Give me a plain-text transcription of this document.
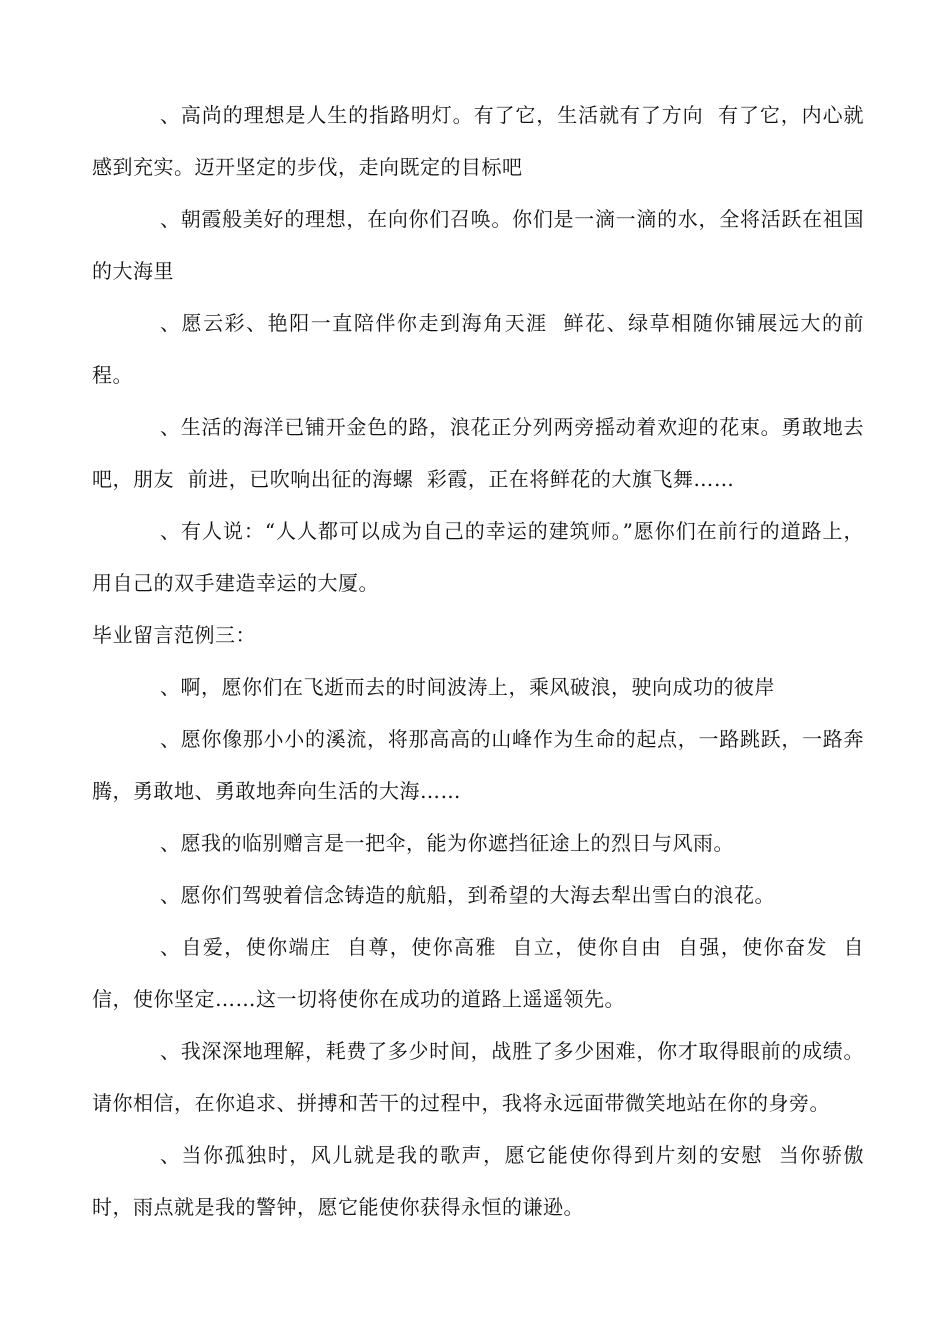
、高尚的理想是人生的指路明灯。有了它，生活就有了方向  有了它，内心就感到充实。迈开坚定的步伐，走向既定的目标吧

、朝霞般美好的理想，在向你们召唤。你们是一滴一滴的水，全将活跃在祖国的大海里

、愿云彩、艳阳一直陪伴你走到海角天涯  鲜花、绿草相随你铺展远大的前程。

、生活的海洋已铺开金色的路，浪花正分列两旁摇动着欢迎的花束。勇敢地去吧，朋友  前进，已吹响出征的海螺  彩霞，正在将鲜花的大旗飞舞……

、有人说：“人人都可以成为自己的幸运的建筑师。”愿你们在前行的道路上，用自己的双手建造幸运的大厦。

毕业留言范例三：

、啊，愿你们在飞逝而去的时间波涛上，乘风破浪，驶向成功的彼岸

、愿你像那小小的溪流，将那高高的山峰作为生命的起点，一路跳跃，一路奔腾，勇敢地、勇敢地奔向生活的大海……

、愿我的临别赠言是一把伞，能为你遮挡征途上的烈日与风雨。

、愿你们驾驶着信念铸造的航船，到希望的大海去犁出雪白的浪花。

、自爱，使你端庄  自尊，使你高雅  自立，使你自由  自强，使你奋发  自信，使你坚定……这一切将使你在成功的道路上遥遥领先。

、我深深地理解，耗费了多少时间，战胜了多少困难，你才取得眼前的成绩。请你相信，在你追求、拼搏和苦干的过程中，我将永远面带微笑地站在你的身旁。

、当你孤独时，风儿就是我的歌声，愿它能使你得到片刻的安慰  当你骄傲时，雨点就是我的警钟，愿它能使你获得永恒的谦逊。
